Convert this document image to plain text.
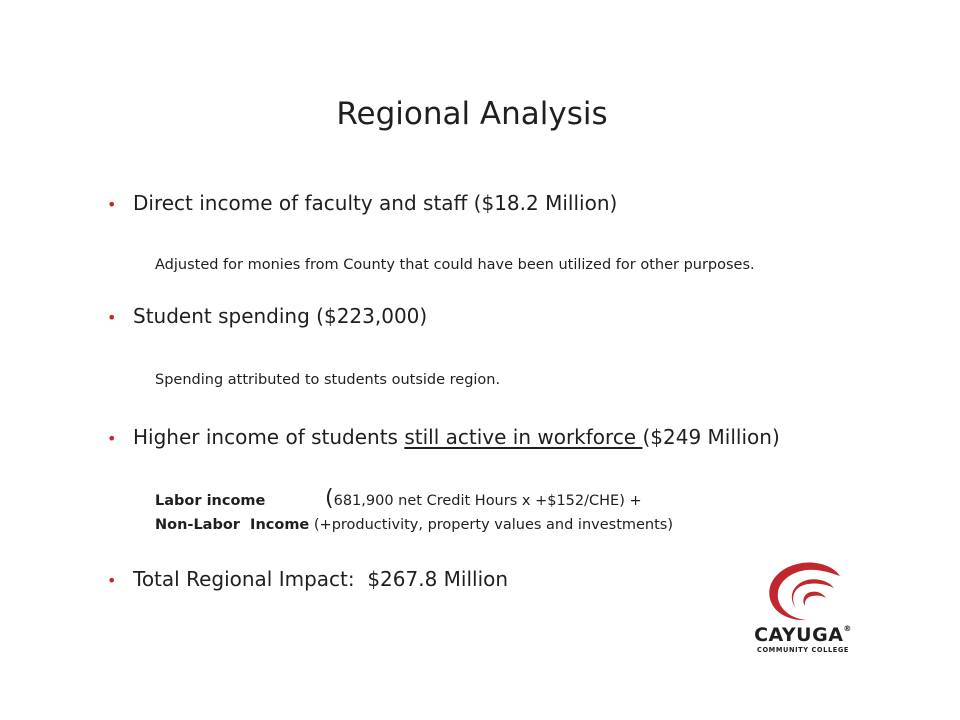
Regional Analysis
• Direct income of faculty and staff ($18.2 Million)
Adjusted for monies from County that could have been utilized for other purposes.
• Student spending ($223,000)
Spending attributed to students outside region.
• Higher income of students still active in workforce ($249 Million)
Labor income	( 681,900 net Credit Hours x +$152/CHE) +
Non-Labor  Income (+productivity, property values and investments)
• Total Regional Impact:  $267.8 Million
CAYUGA®
COMMUNITY COLLEGE
